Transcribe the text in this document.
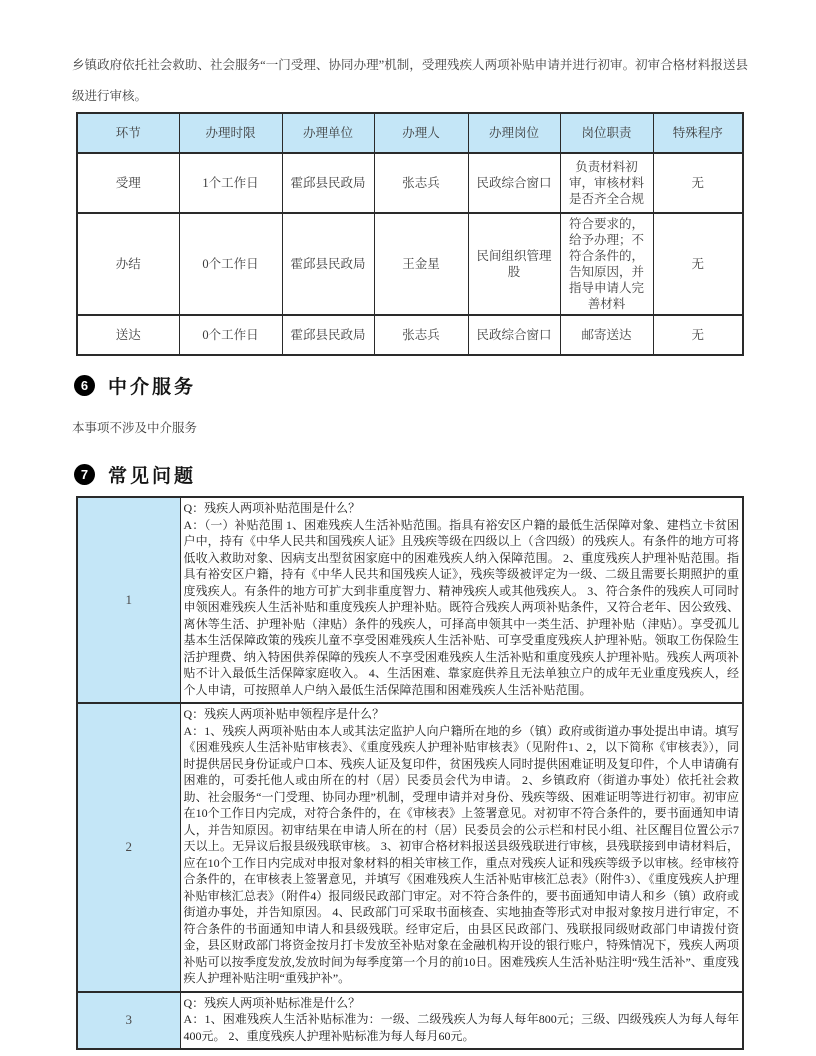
乡镇政府依托社会救助、社会服务“一门受理、协同办理”机制，受理残疾人两项补贴申请并进行初审。初审合格材料报送县级进行审核。

环节	办理时限	办理单位	办理人	办理岗位	岗位职责	特殊程序
受理	1个工作日	霍邱县民政局	张志兵	民政综合窗口	负责材料初审，审核材料是否齐全合规	无
办结	0个工作日	霍邱县民政局	王金星	民间组织管理股	符合要求的，给予办理；不符合条件的，告知原因，并指导申请人完善材料	无
送达	0个工作日	霍邱县民政局	张志兵	民政综合窗口	邮寄送达	无
6	中介服务

本事项不涉及中介服务

7	常见问题
1	Q：残疾人两项补贴范围是什么？
A：（一）补贴范围 1、困难残疾人生活补贴范围。指具有裕安区户籍的最低生活保障对象、建档立卡贫困户中，持有《中华人民共和国残疾人证》且残疾等级在四级以上（含四级）的残疾人。有条件的地方可将低收入救助对象、因病支出型贫困家庭中的困难残疾人纳入保障范围。 2、重度残疾人护理补贴范围。指具有裕安区户籍，持有《中华人民共和国残疾人证》，残疾等级被评定为一级、二级且需要长期照护的重度残疾人。有条件的地方可扩大到非重度智力、精神残疾人或其他残疾人。 3、符合条件的残疾人可同时申领困难残疾人生活补贴和重度残疾人护理补贴。既符合残疾人两项补贴条件，又符合老年、因公致残、离休等生活、护理补贴（津贴）条件的残疾人，可择高申领其中一类生活、护理补贴（津贴）。享受孤儿基本生活保障政策的残疾儿童不享受困难残疾人生活补贴、可享受重度残疾人护理补贴。领取工伤保险生活护理费、纳入特困供养保障的残疾人不享受困难残疾人生活补贴和重度残疾人护理补贴。残疾人两项补贴不计入最低生活保障家庭收入。 4、生活困难、靠家庭供养且无法单独立户的成年无业重度残疾人，经个人申请，可按照单人户纳入最低生活保障范围和困难残疾人生活补贴范围。

2	Q：残疾人两项补贴申领程序是什么？
A：1、残疾人两项补贴由本人或其法定监护人向户籍所在地的乡（镇）政府或街道办事处提出申请。填写《困难残疾人生活补贴审核表》、《重度残疾人护理补贴审核表》（见附件1、2，以下简称《审核表》），同时提供居民身份证或户口本、残疾人证及复印件，贫困残疾人同时提供困难证明及复印件，个人申请确有困难的，可委托他人或由所在的村（居）民委员会代为申请。 2、乡镇政府（街道办事处）依托社会救助、社会服务“一门受理、协同办理”机制，受理申请并对身份、残疾等级、困难证明等进行初审。初审应在10个工作日内完成，对符合条件的，在《审核表》上签署意见。对初审不符合条件的，要书面通知申请人，并告知原因。初审结果在申请人所在的村（居）民委员会的公示栏和村民小组、社区醒目位置公示7天以上。无异议后报县级残联审核。 3、初审合格材料报送县级残联进行审核，县残联接到申请材料后，应在10个工作日内完成对申报对象材料的相关审核工作，重点对残疾人证和残疾等级予以审核。经审核符合条件的，在审核表上签署意见，并填写《困难残疾人生活补贴审核汇总表》（附件3）、《重度残疾人护理补贴审核汇总表》（附件4）报同级民政部门审定。对不符合条件的，要书面通知申请人和乡（镇）政府或街道办事处，并告知原因。 4、民政部门可采取书面核查、实地抽查等形式对申报对象按月进行审定，不符合条件的书面通知申请人和县级残联。经审定后，由县区民政部门、残联报同级财政部门申请拨付资金，县区财政部门将资金按月打卡发放至补贴对象在金融机构开设的银行账户，特殊情况下，残疾人两项补贴可以按季度发放,发放时间为每季度第一个月的前10日。困难残疾人生活补贴注明“残生活补”、重度残疾人护理补贴注明“重残护补”。

3	Q：残疾人两项补贴标准是什么？
A：1、困难残疾人生活补贴标准为：一级、二级残疾人为每人每年800元；三级、四级残疾人为每人每年400元。 2、重度残疾人护理补贴标准为每人每月60元。
